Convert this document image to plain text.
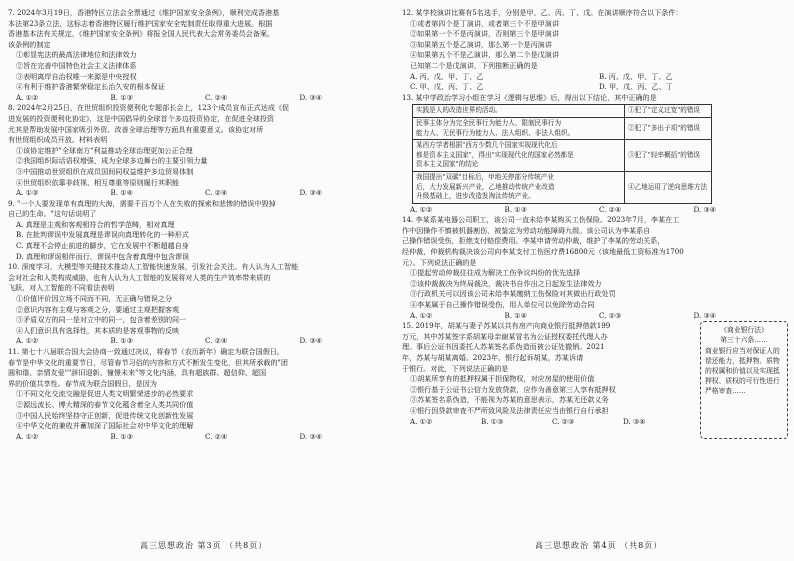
7. 2024年3月19日，香港特区立法会全票通过《维护国家安全条例》，顺利完成香港基

本法第23条立法，这标志着香港特区履行维护国家安全宪制责任取得重大进展。根据

香港基本法有关规定，《维护国家安全条例》将报全国人民代表大会常务委员会备案。

该条例的制定

①彰显宪法的最高法律地位和法律效力

②旨在完善中国特色社会主义法律体系

③表明离岸自治权唯一来源是中央授权

④有利于维护香港繁荣稳定长治久安的根本保证

A. ①②	B. ①③	C. ②④	D. ③④

8. 2024年2月25日，在世贸组织投资便利化专题部长会上，123个成员宣布正式达成《促

进发展的投资便利化协定》，这是中国倡导的全球首个多边投资协定，在促进全球投资

尤其是帮助发展中国家吸引外资、改善全球治理等方面具有重要意义。该协定对所

有世贸组织成员开放。材料表明

①该协定维护"全球南方"利益推动全球治理更加公正合理

②我国组织际话语权增强，成为全球多边舞台的主要引领力量

③中国推动世贸组织在成员国间同权益维护多边贸易体制

④世贸组织依靠非歧视、相互尊重等原则履行其职能

A. ①③	B. ①④	C. ②④	D. ③④

9. "一个人要发现单有真理的大海，需要千百万个人在失败的探索和悲惨的错误中毁掉

自己的生命。"这句话说明了

A. 真理是主观和客观相符合的哲学范畴，相对真理

B. 在批判谬误中发展真理是谬误向真理转化的一种形式

C. 真理不会停止前进的脚步，它在发展中不断超越自身

D. 真理和谬误相伴而行，谬误中包含着真理中包含谬误

10. 深度学习、大模型等关键技术推动人工智能快速发展，引发社会关注。有人认为人工智能

会对社会和人类构成威胁，也有人认为人工智能的发展将对人类的生产效率带来质的

飞跃，对人工智能的不同看法表明

①价值评价因立场不同而不同，无正确与错误之分

②意识内容有主观与客观之分，要通过主观把握客观

③矛盾双方的同一是对立中的同一，包含着差别的同一

④人们意识具有选择性，其本质的是客观事物的反映

A. ①②	B. ①③	C. ②④	D. ③④

11. 第七十八届联合国大会协商一致通过决议，将春节（农历新年）确定为联合国假日。

春节是中华文化的重要节日，尽管春节习俗的内容和方式不断发生变化，但其所承载的"团

圆和谐、亲情友爱""辞旧迎新、憧憬未来"等文化内涵，具有超族群、超信仰、超国

界的价值共享性。春节成为联合国假日，是因为

①不同文化交流交融是促进人类文明繁荣进步的必然要求

②源远流长、博大精深的春节文化蕴含着全人类共同价值

③中国人民始终坚持守正创新，促进传统文化创新性发展

④中华文化的兼收并蓄加深了国际社会对中华文化的理解

A. ①②	B. ①③	C. ②④	D. ③④

12. 某学校演讲比赛有5名选手，分别是甲、乙、丙、丁、戊。在演讲顺序符合以下条件：

①或者第四个是丁演讲，或者第三个不是甲演讲

②如果第一个不是丙演讲，否则第三个是甲演讲

③如果第五个是乙演讲，那么第一个是丙演讲

④如果第五个不是乙演讲，那么第二个是戊演讲

已知第二个是戊演讲，下列推断正确的是

A. 丙、戊、甲、丁、乙	B. 丙、戊、甲、丁、乙
C. 甲、戊、丙、丁、乙	D. 甲、戊、丙、乙、丁

13. 某中学政治学习小组在学习《逻辑与思维》后，得出以下结论，其中正确的是

实践是人的改造世界的活动。	①犯了"定义过宽"的错误

民事主体分为完全民事行为能力人、限制民事行为
能力人、无民事行为能力人、法人组织、非法人组织。	②犯了"多出子项"的错误

某西方学者根据"西方少数几个国家实现现代化后
都是资本主义国家"，得出"实现现代化的国家必然都是
资本主义国家"的结论	③犯了"轻率概括"的错误

我国提出"双碳"目标后，甲地关停部分传统产业
后，大力发展新兴产业，乙地推动传统产业改造
升级基础上，进步改造发淘汰传统产业。	④乙地运用了逆向思维方法
A. ①②	B. ①③	C. ②④	D. ③④

14. 李某系某电器公司职工，该公司一直未给李某购买工伤保险。2023年7月，李某在工

作中因操作不慎被机器割伤，被鉴定为劳动功能障碍九级。该公司认为李某系自

己操作错误受伤，拒绝支付赔偿费用。李某申请劳动仲裁，维护了李某的劳动关系，

经仲裁，仲裁机构裁决该公司向李某支付工伤医疗费16800元（该地最低工资标准为1700

元）。下列说法正确的是

①提起劳动仲裁往往成为解决工伤争议纠纷的优先选择

②该仲裁裁决为终局裁决，裁决书自作出之日起发生法律效力

③行政机关可以因该公司未给李某缴纳工伤保险对其做出行政处罚

④李某属于自己操作错误受伤，用人单位可以免除劳动合同

A. ①②	B. ①④	C. ②③	D. ③④

15. 2019年，胡某与妻子苏某以共有房产向商业银行抵押借款199

万元，其中苏某签字系胡某母亲谢某冒名为公证授权委托代理人办

理。事后公证书因委托人苏某签名系伪造而被公证处撤销。2021

年，苏某与胡某离婚。2023年，银行起诉胡某，苏某诉请

于银行。对此，下列说法正确的是

①胡某所享有的抵押权属于担保物权，对应房屋的使用价值

②银行基于公证书公信力发放贷款，应作为善意第三人享有抵押权

③苏某签名系伪造，不能视为苏某的意思表示，苏某无还款义务

④银行因贷款审查不严所致风险及法律责任应当由银行自行承担

A. ①②	B. ①③	C. ②③	D. ③④

《商业银行法》

第三十六条……

商业银行应当对保证人的偿还能力，抵押物、质物的权属和价值以及实现抵押权、质权的可行性进行严格审查……

高三思想政治 第3页 （共8页）	高三思想政治 第4页 （共8页）
